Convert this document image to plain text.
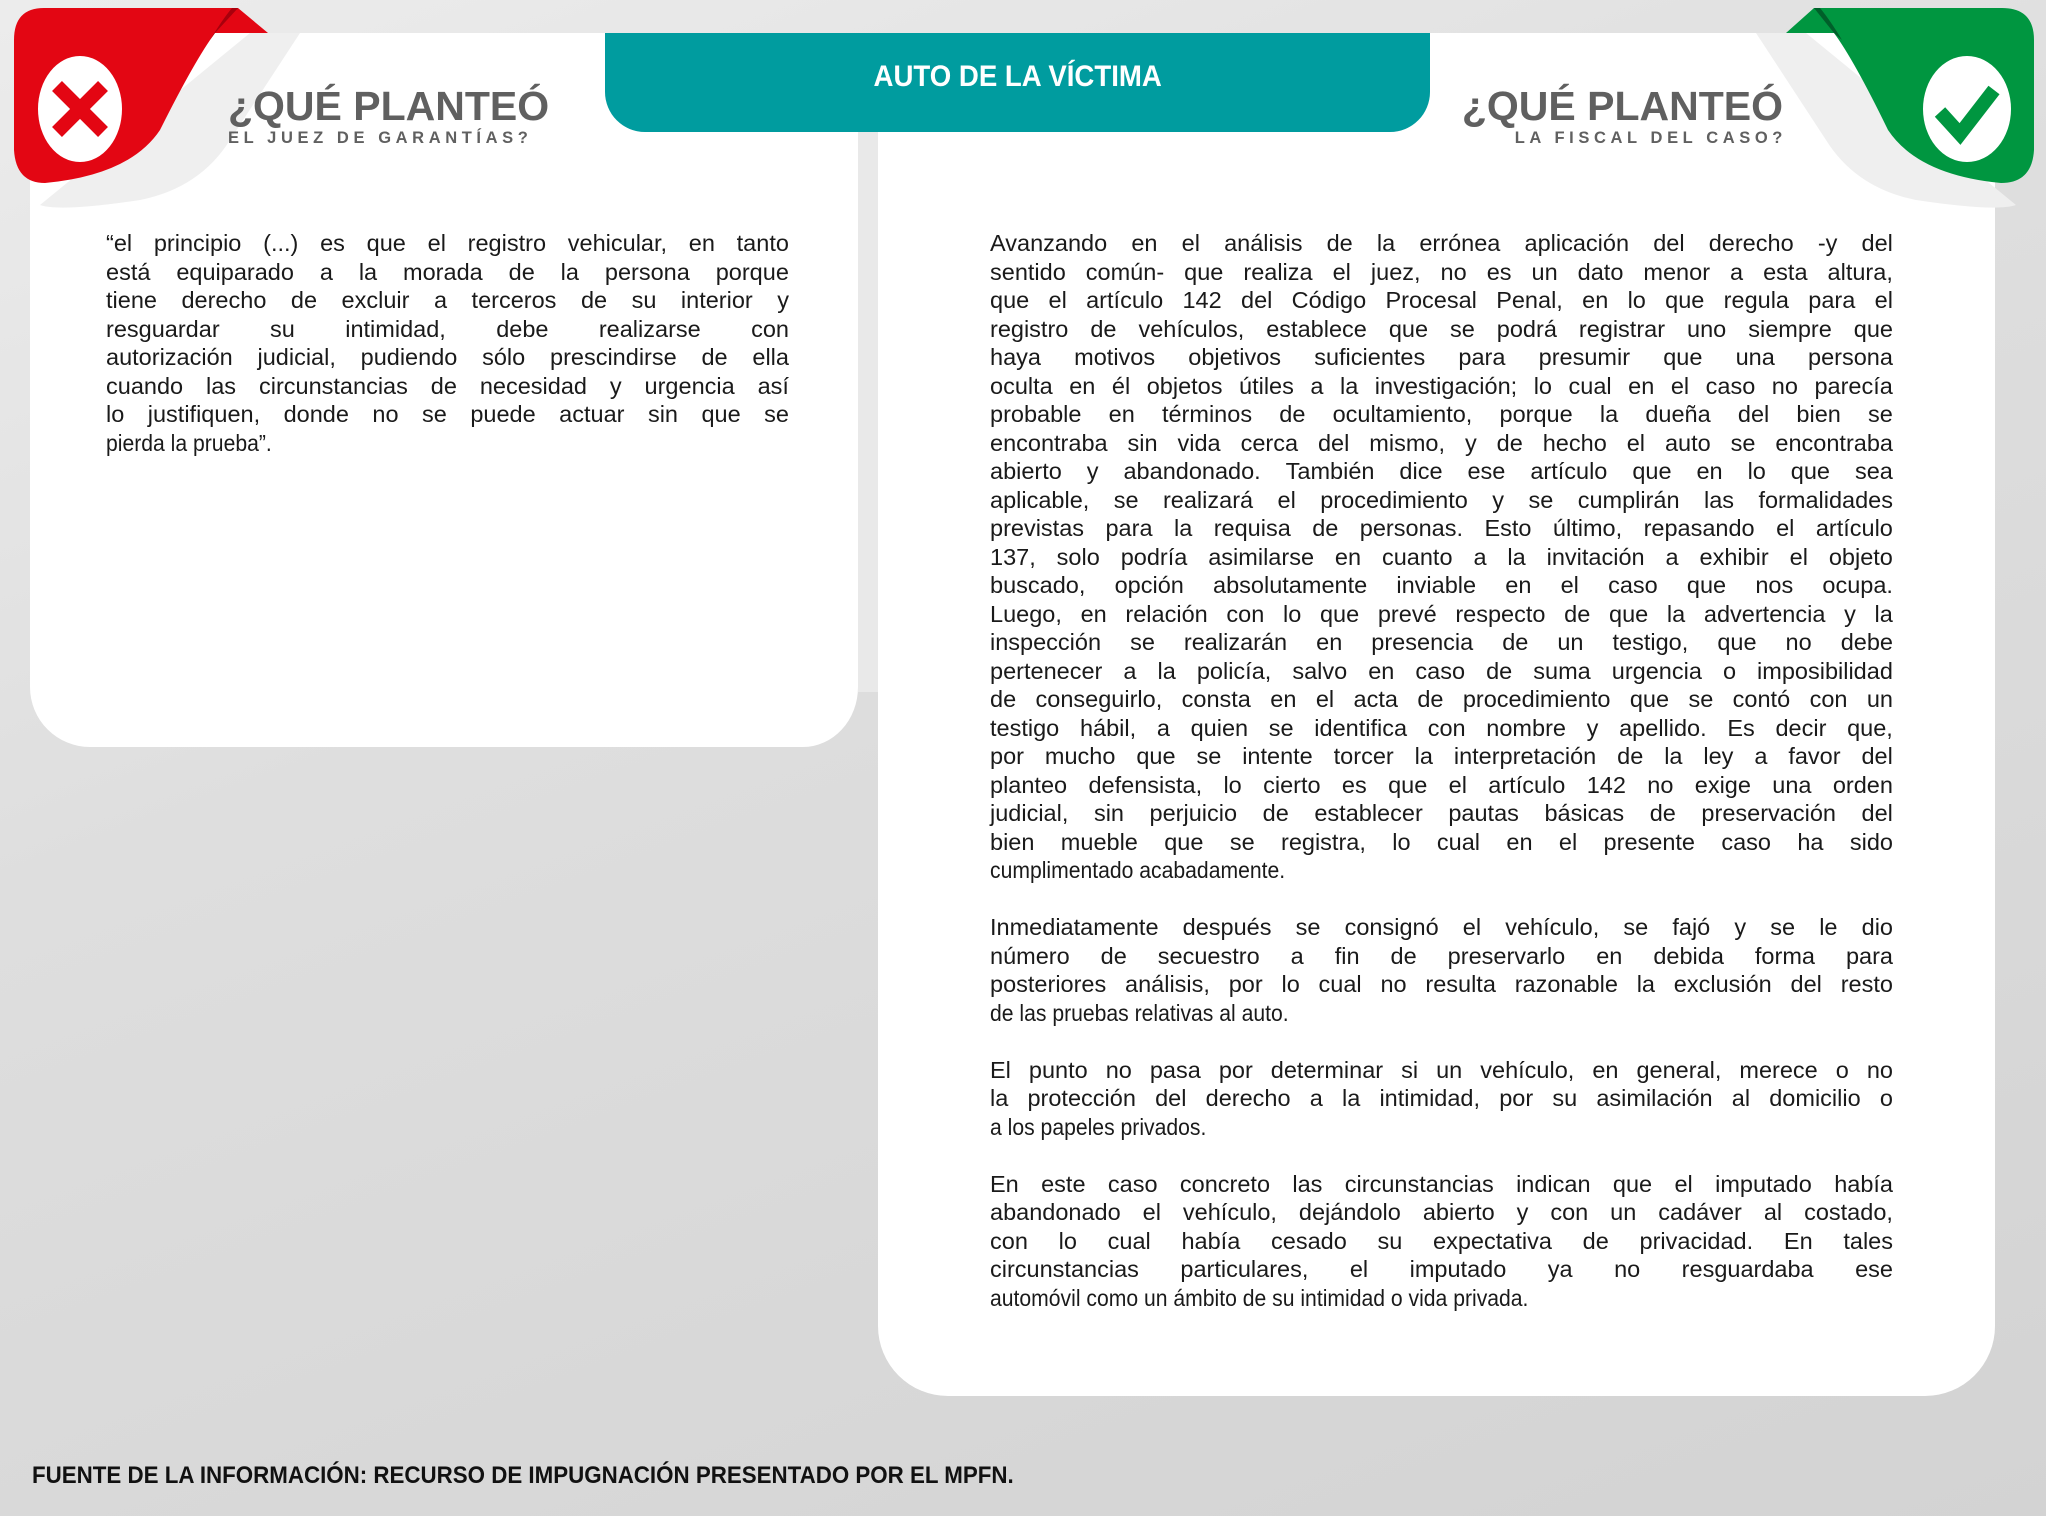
AUTO DE LA VÍCTIMA
¿QUÉ PLANTEÓ
EL JUEZ DE GARANTÍAS?
¿QUÉ PLANTEÓ
LA FISCAL DEL CASO?
“el principio (...) es que el registro vehicular, en tanto
está equiparado a la morada de la persona porque
tiene derecho de excluir a terceros de su interior y
resguardar su intimidad, debe realizarse con
autorización judicial, pudiendo sólo prescindirse de ella
cuando las circunstancias de necesidad y urgencia así
lo justifiquen, donde no se puede actuar sin que se
pierda la prueba”.
Avanzando en el análisis de la errónea aplicación del derecho -y del
sentido común- que realiza el juez, no es un dato menor a esta altura,
que el artículo 142 del Código Procesal Penal, en lo que regula para el
registro de vehículos, establece que se podrá registrar uno siempre que
haya motivos objetivos suficientes para presumir que una persona
oculta en él objetos útiles a la investigación; lo cual en el caso no parecía
probable en términos de ocultamiento, porque la dueña del bien se
encontraba sin vida cerca del mismo, y de hecho el auto se encontraba
abierto y abandonado. También dice ese artículo que en lo que sea
aplicable, se realizará el procedimiento y se cumplirán las formalidades
previstas para la requisa de personas. Esto último, repasando el artículo
137, solo podría asimilarse en cuanto a la invitación a exhibir el objeto
buscado, opción absolutamente inviable en el caso que nos ocupa.
Luego, en relación con lo que prevé respecto de que la advertencia y la
inspección se realizarán en presencia de un testigo, que no debe
pertenecer a la policía, salvo en caso de suma urgencia o imposibilidad
de conseguirlo, consta en el acta de procedimiento que se contó con un
testigo hábil, a quien se identifica con nombre y apellido. Es decir que,
por mucho que se intente torcer la interpretación de la ley a favor del
planteo defensista, lo cierto es que el artículo 142 no exige una orden
judicial, sin perjuicio de establecer pautas básicas de preservación del
bien mueble que se registra, lo cual en el presente caso ha sido
cumplimentado acabadamente.
Inmediatamente después se consignó el vehículo, se fajó y se le dio
número de secuestro a fin de preservarlo en debida forma para
posteriores análisis, por lo cual no resulta razonable la exclusión del resto
de las pruebas relativas al auto.
El punto no pasa por determinar si un vehículo, en general, merece o no
la protección del derecho a la intimidad, por su asimilación al domicilio o
a los papeles privados.
En este caso concreto las circunstancias indican que el imputado había
abandonado el vehículo, dejándolo abierto y con un cadáver al costado,
con lo cual había cesado su expectativa de privacidad. En tales
circunstancias particulares, el imputado ya no resguardaba ese
automóvil como un ámbito de su intimidad o vida privada.
FUENTE DE LA INFORMACIÓN: RECURSO DE IMPUGNACIÓN PRESENTADO POR EL MPFN.
